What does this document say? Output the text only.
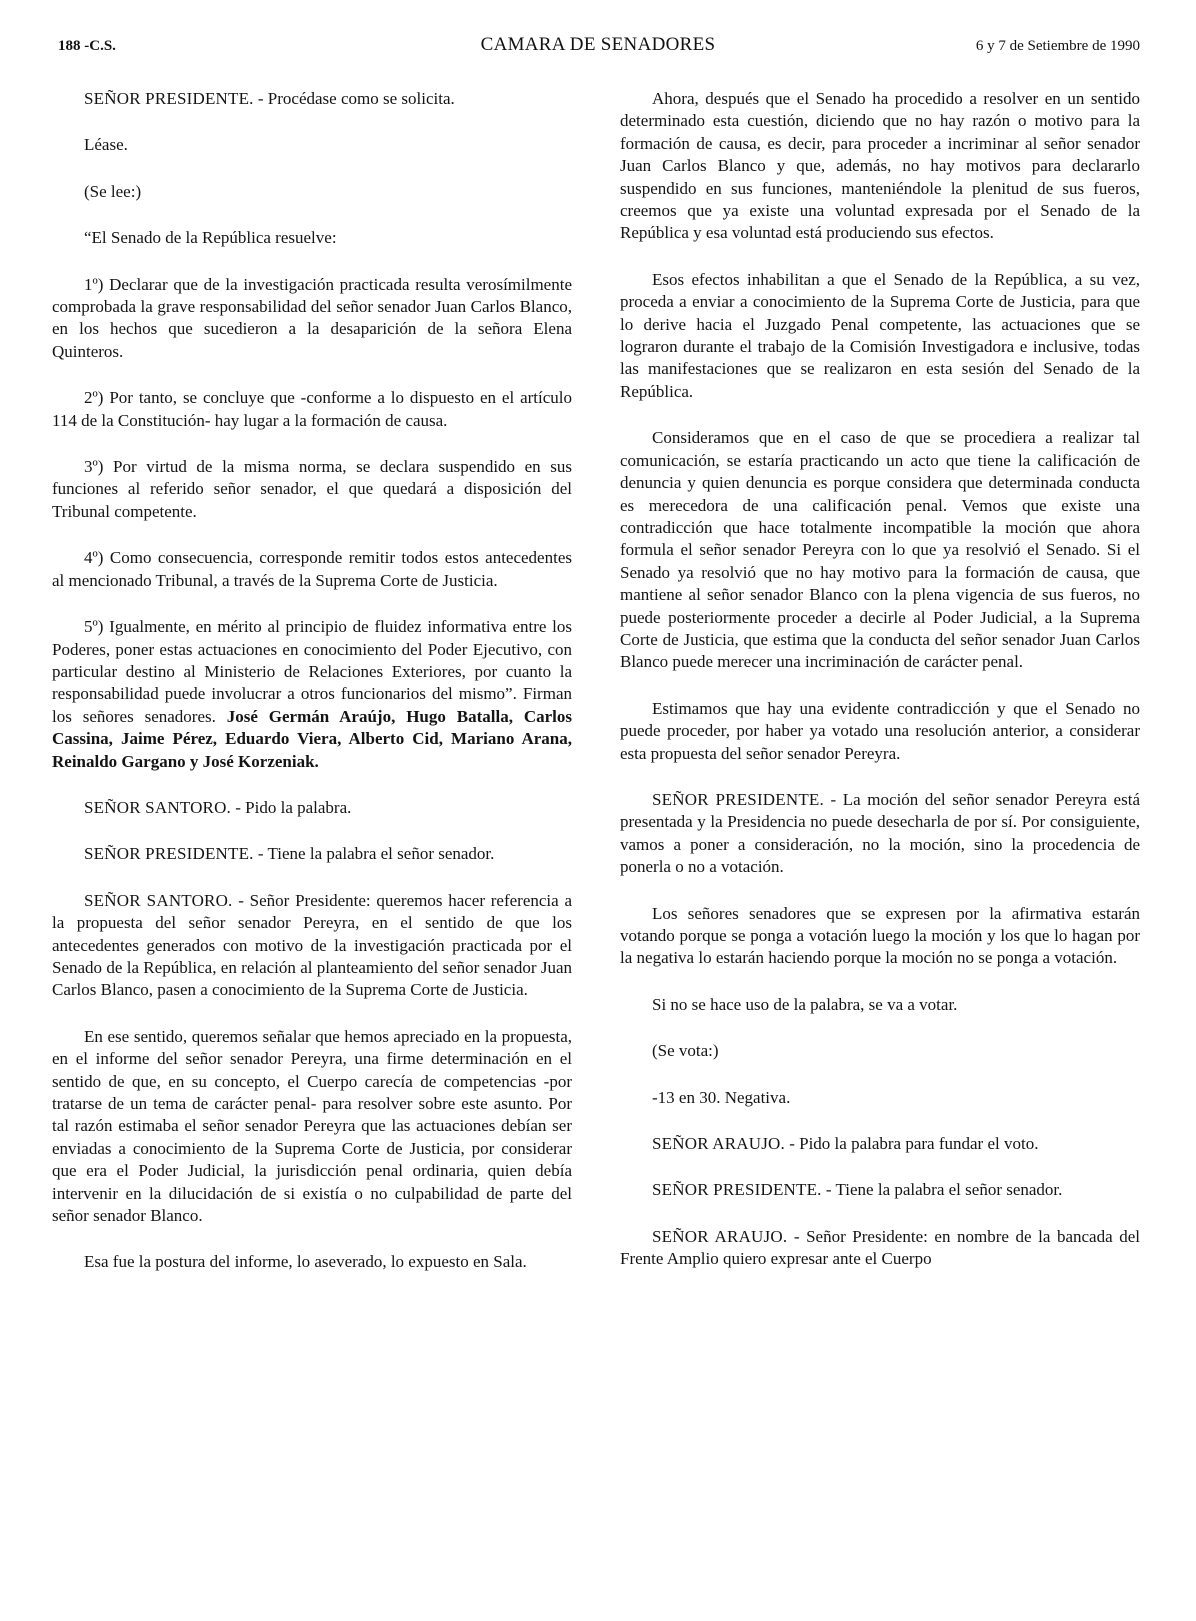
188 -C.S.	CAMARA DE SENADORES	6 y 7 de Setiembre de 1990

SEÑOR PRESIDENTE. - Procédase como se solicita.

Léase.

(Se lee:)

“El Senado de la República resuelve:

1º) Declarar que de la investigación practicada resulta verosímilmente comprobada la grave responsabilidad del señor senador Juan Carlos Blanco, en los hechos que sucedieron a la desaparición de la señora Elena Quinteros.

2º) Por tanto, se concluye que -conforme a lo dispuesto en el artículo 114 de la Constitución- hay lugar a la formación de causa.

3º) Por virtud de la misma norma, se declara suspendido en sus funciones al referido señor senador, el que quedará a disposición del Tribunal competente.

4º) Como consecuencia, corresponde remitir todos estos antecedentes al mencionado Tribunal, a través de la Suprema Corte de Justicia.

5º) Igualmente, en mérito al principio de fluidez informativa entre los Poderes, poner estas actuaciones en conocimiento del Poder Ejecutivo, con particular destino al Ministerio de Relaciones Exteriores, por cuanto la responsabilidad puede involucrar a otros funcionarios del mismo”. Firman los señores senadores. José Germán Araújo, Hugo Batalla, Carlos Cassina, Jaime Pérez, Eduardo Viera, Alberto Cid, Mariano Arana, Reinaldo Gargano y José Korzeniak.

SEÑOR SANTORO. - Pido la palabra.

SEÑOR PRESIDENTE. - Tiene la palabra el señor senador.

SEÑOR SANTORO. - Señor Presidente: queremos hacer referencia a la propuesta del señor senador Pereyra, en el sentido de que los antecedentes generados con motivo de la investigación practicada por el Senado de la República, en relación al planteamiento del señor senador Juan Carlos Blanco, pasen a conocimiento de la Suprema Corte de Justicia.

En ese sentido, queremos señalar que hemos apreciado en la propuesta, en el informe del señor senador Pereyra, una firme determinación en el sentido de que, en su concepto, el Cuerpo carecía de competencias -por tratarse de un tema de carácter penal- para resolver sobre este asunto. Por tal razón estimaba el señor senador Pereyra que las actuaciones debían ser enviadas a conocimiento de la Suprema Corte de Justicia, por considerar que era el Poder Judicial, la jurisdicción penal ordinaria, quien debía intervenir en la dilucidación de si existía o no culpabilidad de parte del señor senador Blanco.

Esa fue la postura del informe, lo aseverado, lo expuesto en Sala.

Ahora, después que el Senado ha procedido a resolver en un sentido determinado esta cuestión, diciendo que no hay razón o motivo para la formación de causa, es decir, para proceder a incriminar al señor senador Juan Carlos Blanco y que, además, no hay motivos para declararlo suspendido en sus funciones, manteniéndole la plenitud de sus fueros, creemos que ya existe una voluntad expresada por el Senado de la República y esa voluntad está produciendo sus efectos.

Esos efectos inhabilitan a que el Senado de la República, a su vez, proceda a enviar a conocimiento de la Suprema Corte de Justicia, para que lo derive hacia el Juzgado Penal competente, las actuaciones que se lograron durante el trabajo de la Comisión Investigadora e inclusive, todas las manifestaciones que se realizaron en esta sesión del Senado de la República.

Consideramos que en el caso de que se procediera a realizar tal comunicación, se estaría practicando un acto que tiene la calificación de denuncia y quien denuncia es porque considera que determinada conducta es merecedora de una calificación penal. Vemos que existe una contradicción que hace totalmente incompatible la moción que ahora formula el señor senador Pereyra con lo que ya resolvió el Senado. Si el Senado ya resolvió que no hay motivo para la formación de causa, que mantiene al señor senador Blanco con la plena vigencia de sus fueros, no puede posteriormente proceder a decirle al Poder Judicial, a la Suprema Corte de Justicia, que estima que la conducta del señor senador Juan Carlos Blanco puede merecer una incriminación de carácter penal.

Estimamos que hay una evidente contradicción y que el Senado no puede proceder, por haber ya votado una resolución anterior, a considerar esta propuesta del señor senador Pereyra.

SEÑOR PRESIDENTE. - La moción del señor senador Pereyra está presentada y la Presidencia no puede desecharla de por sí. Por consiguiente, vamos a poner a consideración, no la moción, sino la procedencia de ponerla o no a votación.

Los señores senadores que se expresen por la afirmativa estarán votando porque se ponga a votación luego la moción y los que lo hagan por la negativa lo estarán haciendo porque la moción no se ponga a votación.

Si no se hace uso de la palabra, se va a votar.

(Se vota:)

-13 en 30. Negativa.

SEÑOR ARAUJO. - Pido la palabra para fundar el voto.

SEÑOR PRESIDENTE. - Tiene la palabra el señor senador.

SEÑOR ARAUJO. - Señor Presidente: en nombre de la bancada del Frente Amplio quiero expresar ante el Cuerpo
